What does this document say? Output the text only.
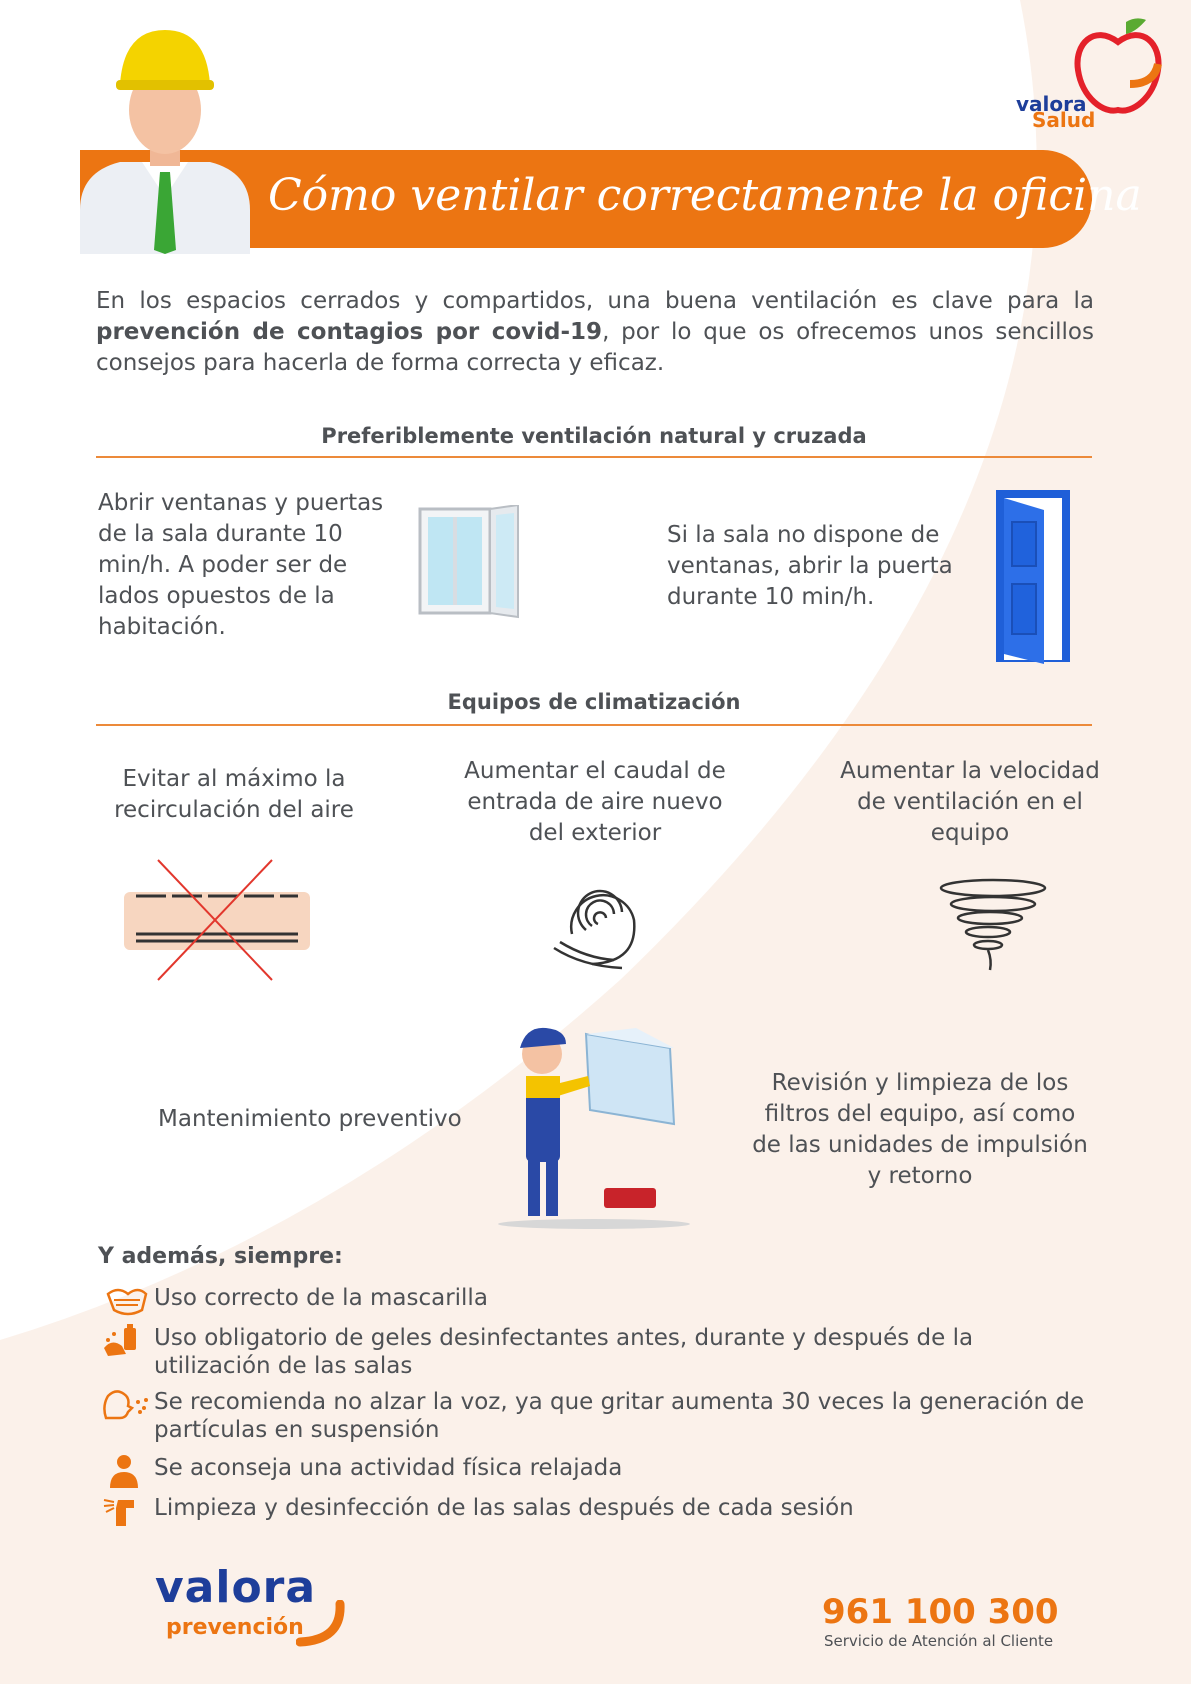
valora
Salud
Cómo ventilar correctamente la oficina

En los espacios cerrados y compartidos, una buena ventilación es clave para la prevención de contagios por covid-19, por lo que os ofrecemos unos sencillos consejos para hacerla de forma correcta y eficaz.

Preferiblemente ventilación natural y cruzada
Abrir ventanas y puertas
de la sala durante 10
min/h. A poder ser de
lados opuestos de la
habitación.
Si la sala no dispone de
ventanas, abrir la puerta
durante 10 min/h.
Equipos de climatización
Evitar al máximo la
recirculación del aire
Aumentar el caudal de
entrada de aire nuevo
del exterior
Aumentar la velocidad
de ventilación en el
equipo
Mantenimiento preventivo
Revisión y limpieza de los
filtros del equipo, así como
de las unidades de impulsión
y retorno
Y además, siempre:
Uso correcto de la mascarilla
Uso obligatorio de geles desinfectantes antes, durante y después de la utilización de las salas
Se recomienda no alzar la voz, ya que gritar aumenta 30 veces la generación de partículas en suspensión
Se aconseja una actividad física relajada
Limpieza y desinfección de las salas después de cada sesión
valora
prevención	961 100 300
Servicio de Atención al Cliente
